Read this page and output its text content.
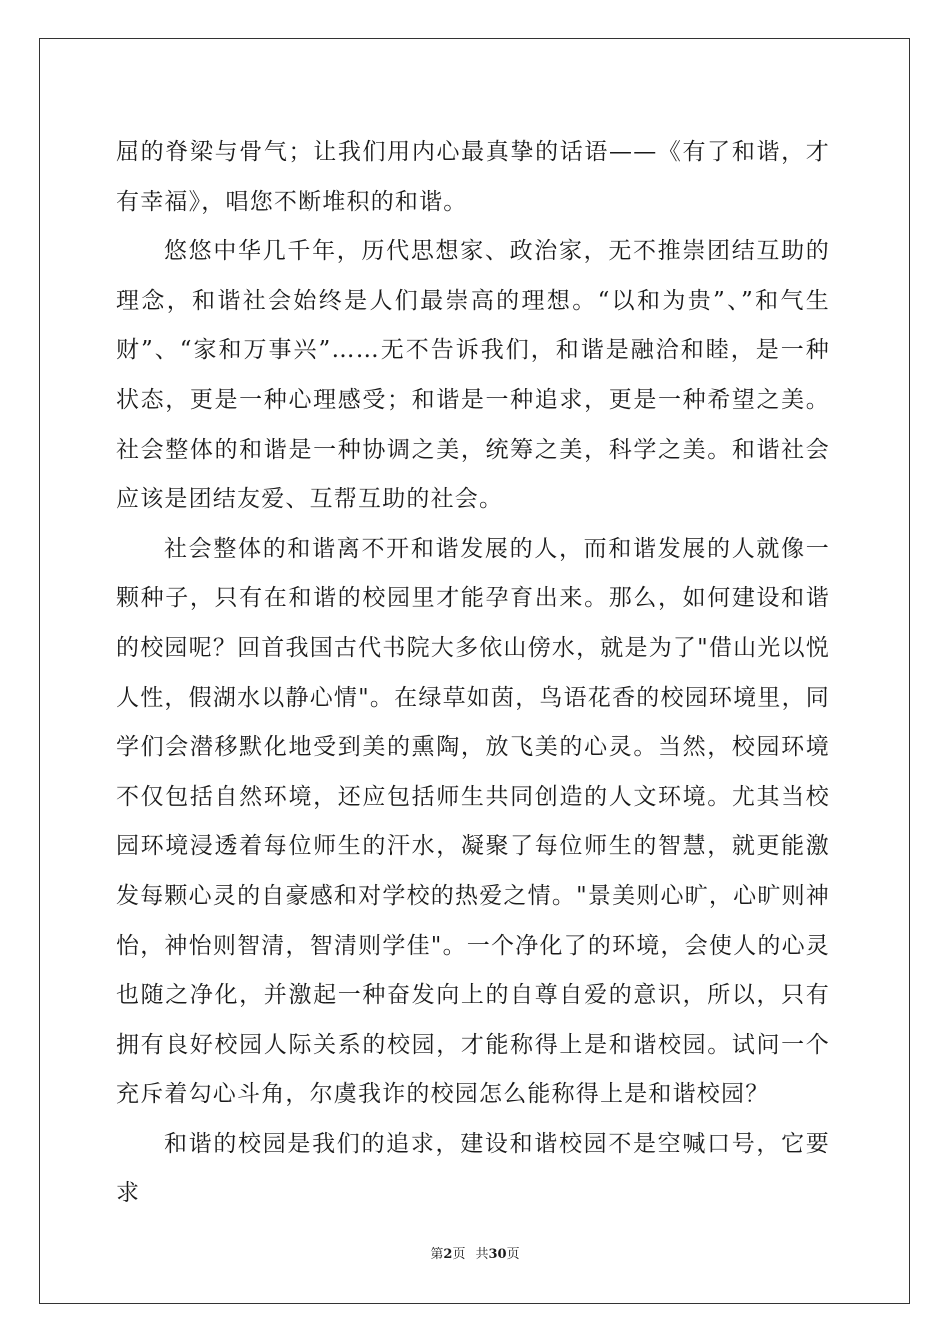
屈的脊梁与骨气；让我们用内心最真挚的话语——《有了和谐，才有幸福》，唱您不断堆积的和谐。

悠悠中华几千年，历代思想家、政治家，无不推崇团结互助的理念，和谐社会始终是人们最崇高的理想。“以和为贵”、”和气生财”、“家和万事兴”……无不告诉我们，和谐是融洽和睦，是一种状态，更是一种心理感受；和谐是一种追求，更是一种希望之美。社会整体的和谐是一种协调之美，统筹之美，科学之美。和谐社会应该是团结友爱、互帮互助的社会。

社会整体的和谐离不开和谐发展的人，而和谐发展的人就像一颗种子，只有在和谐的校园里才能孕育出来。那么，如何建设和谐的校园呢？回首我国古代书院大多依山傍水，就是为了"借山光以悦人性，假湖水以静心情"。在绿草如茵，鸟语花香的校园环境里，同学们会潜移默化地受到美的熏陶，放飞美的心灵。当然，校园环境不仅包括自然环境，还应包括师生共同创造的人文环境。尤其当校园环境浸透着每位师生的汗水，凝聚了每位师生的智慧，就更能激发每颗心灵的自豪感和对学校的热爱之情。"景美则心旷，心旷则神怡，神怡则智清，智清则学佳"。一个净化了的环境，会使人的心灵也随之净化，并激起一种奋发向上的自尊自爱的意识，所以，只有拥有良好校园人际关系的校园，才能称得上是和谐校园。试问一个充斥着勾心斗角，尔虞我诈的校园怎么能称得上是和谐校园？

和谐的校园是我们的追求，建设和谐校园不是空喊口号，它要求

第2页 共30页
